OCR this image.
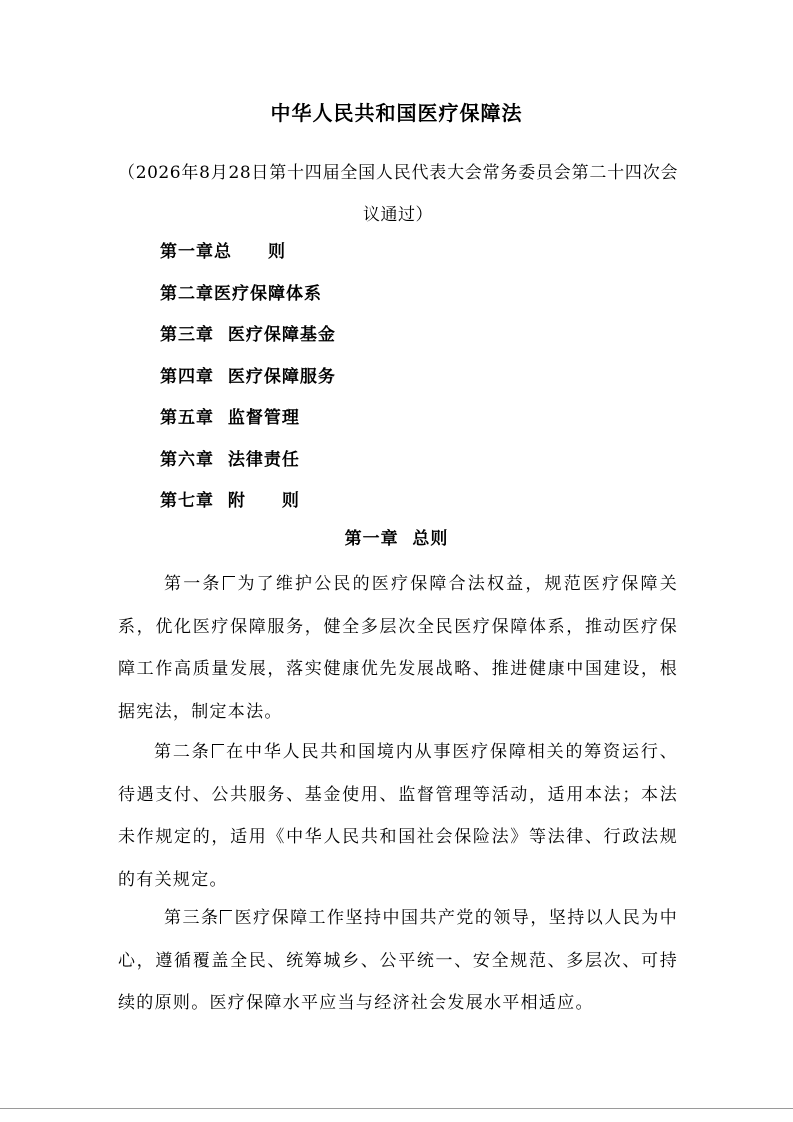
中华人民共和国医疗保障法
（2026年8月28日第十四届全国人民代表大会常务委员会第二十四次会议通过）
第一章总　　则
第二章医疗保障体系
第三章  医疗保障基金
第四章  医疗保障服务
第五章  监督管理
第六章  法律责任
第七章  附　　则
第一章  总则

第一条 为了维护公民的医疗保障合法权益，规范医疗保障关系，优化医疗保障服务，健全多层次全民医疗保障体系，推动医疗保障工作高质量发展，落实健康优先发展战略、推进健康中国建设，根据宪法，制定本法。

第二条 在中华人民共和国境内从事医疗保障相关的筹资运行、待遇支付、公共服务、基金使用、监督管理等活动，适用本法；本法未作规定的，适用《中华人民共和国社会保险法》等法律、行政法规的有关规定。

第三条 医疗保障工作坚持中国共产党的领导，坚持以人民为中心，遵循覆盖全民、统筹城乡、公平统一、安全规范、多层次、可持续的原则。医疗保障水平应当与经济社会发展水平相适应。
